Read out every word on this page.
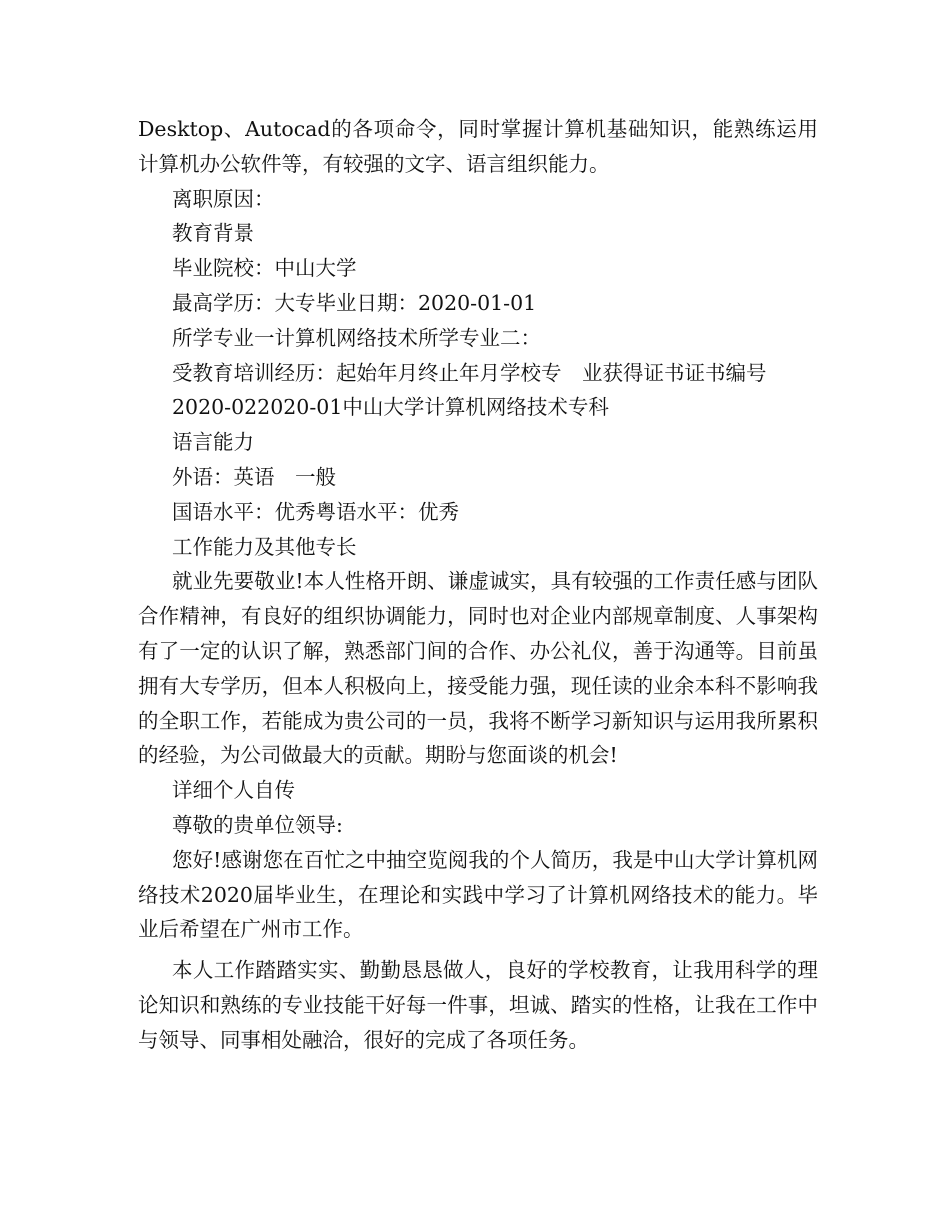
Desktop、Autocad的各项命令，同时掌握计算机基础知识，能熟练运用计算机办公软件等，有较强的文字、语言组织能力。

离职原因：

教育背景

毕业院校：中山大学

最高学历：大专毕业日期：2020-01-01

所学专业一计算机网络技术所学专业二：

受教育培训经历：起始年月终止年月学校专　业获得证书证书编号

2020-022020-01中山大学计算机网络技术专科

语言能力

外语：英语　一般

国语水平：优秀粤语水平：优秀

工作能力及其他专长

就业先要敬业!本人性格开朗、谦虚诚实，具有较强的工作责任感与团队合作精神，有良好的组织协调能力，同时也对企业内部规章制度、人事架构有了一定的认识了解，熟悉部门间的合作、办公礼仪，善于沟通等。目前虽拥有大专学历，但本人积极向上，接受能力强，现任读的业余本科不影响我的全职工作，若能成为贵公司的一员，我将不断学习新知识与运用我所累积的经验，为公司做最大的贡献。期盼与您面谈的机会!

详细个人自传

尊敬的贵单位领导:

您好!感谢您在百忙之中抽空览阅我的个人简历，我是中山大学计算机网络技术2020届毕业生，在理论和实践中学习了计算机网络技术的能力。毕业后希望在广州市工作。

本人工作踏踏实实、勤勤恳恳做人，良好的学校教育，让我用科学的理论知识和熟练的专业技能干好每一件事，坦诚、踏实的性格，让我在工作中与领导、同事相处融洽，很好的完成了各项任务。
